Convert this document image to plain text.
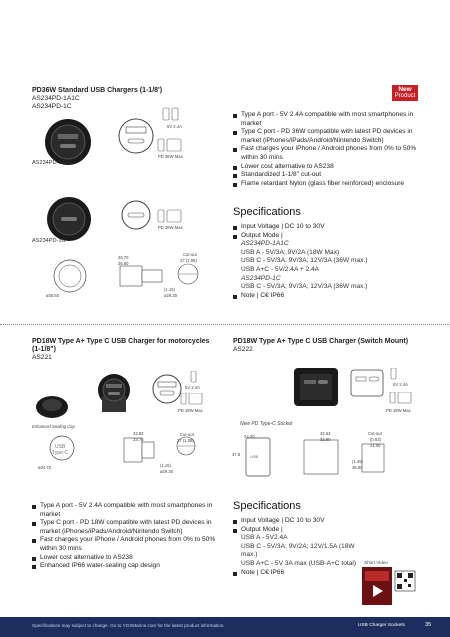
New
Product
PD36W Standard USB Chargers (1-1/8')
AS234PD-1A1C
AS234PD-1C
AS234PD-1A1C
5V 2.4A
PD 36W Max
AS234PD-1C
PD 36W Max
46.70
36.90
Cut-out
27 (1.06)
(1.15)
ø29.30
ø36.60
Type A port - 5V 2.4A compatible with most smartphones in market
Type C port - PD 36W compatible with latest PD devices in market (iPhones/iPads/Android/Nintendo Switch)
Fast charges your iPhone / Android phones from 0% to 50% within 30 mins
Lower cost alternative to AS238
Standardized 1-1/8" cut-out
Flame retardant Nylon (glass fiber reinforced) enclosure
Specifications
Input Voltage | DC 10 to 30V
Output Mode |
AS234PD-1A1C
USB A - 5V/3A; 9V/2A (18W Max)
USB C - 5V/3A; 9V/3A; 12V/3A (36W max.)
USB A+C - 5V/2.4A + 2.4A
AS234PD-1C
USB C - 5V/3A; 9V/3A; 12V/3A (36W max.)
Note | C€ IP66
PD18W Type A+ Type C USB Charger for motorcycles (1-1/8")
AS221
Enhanced Sealing Cap
5V 2.4A
PD 18W Max
USB
Type-C
42.82
33.75
Cut-out
27 (1.06)
(1.15)
ø29.30
ø34.70
Type A port - 5V 2.4A compatible with most smartphones in market
Type C port - PD 18W compatible with latest PD devices in market (iPhones/iPads/Android/Nintendo Switch)
Fast charges your iPhone / Android phones from 0% to 50% within 30 mins
Lower cost alternative to AS238
Enhanced IP66 water-sealing cap design
PD18W Type A+ Type C USB Charger (Switch Mount)
AS222
5V 2.4A
PD 18W Max
New PD Type-C Socket
USB
24.20
42.63
32.90
Cut-out
(0.83)
21.00
47.8
(1.45)
36.80
Specifications
Input Voltage | DC 10 to 30V
Output Mode |
USB A - 5V2.4A
USB C - 5V/3A; 9V/2A; 12V/1.5A (18W max.)
USB A+C - 5V 3A max (USB-A+C total)
Note | C€ IP66
Short Video
Specifications may subject to change. Go to YGSMarine.com for the latest product information.	USB Charger Sockets	35
